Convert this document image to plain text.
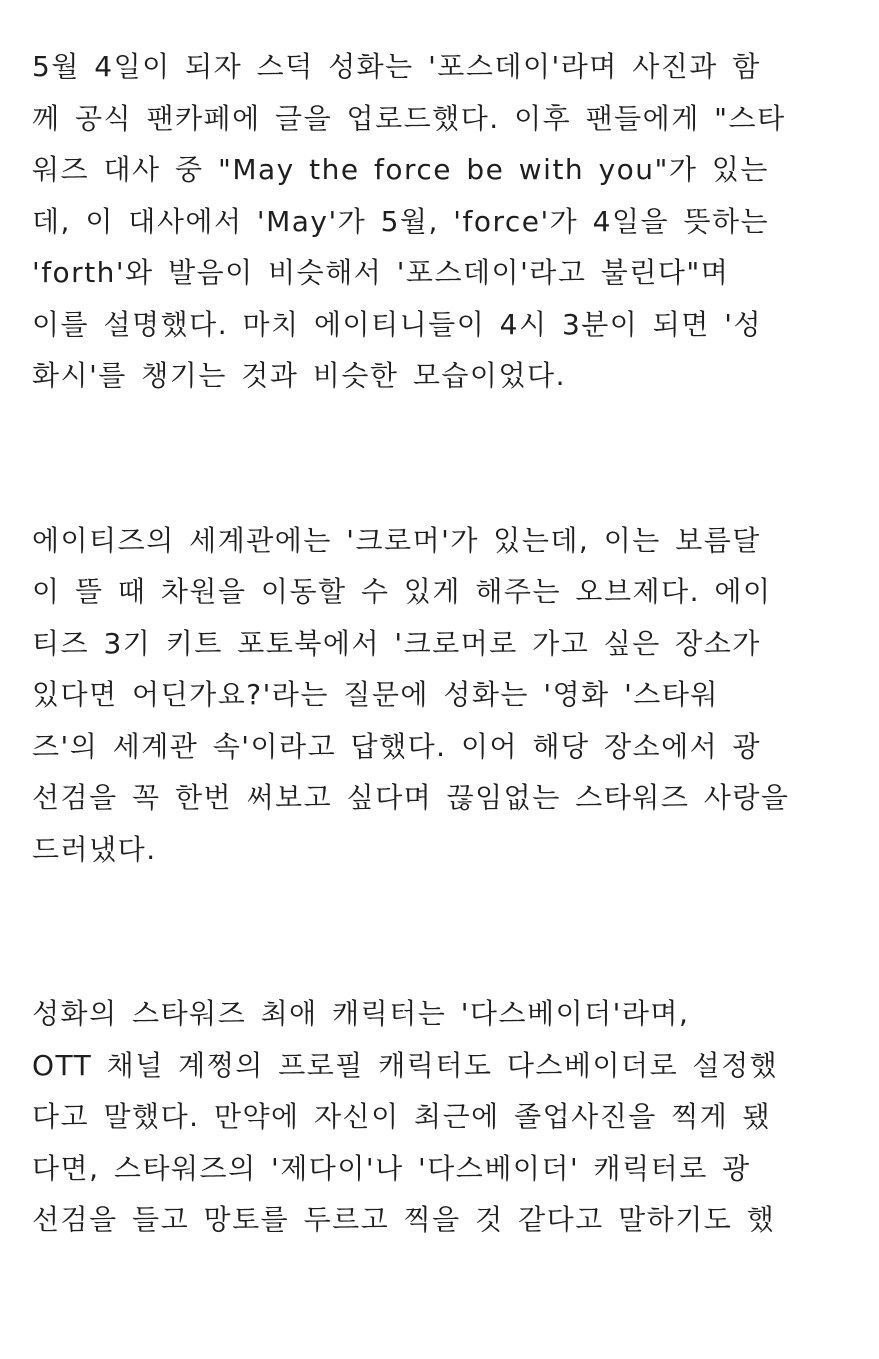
5월 4일이 되자 스덕 성화는 '포스데이'라며 사진과 함
께 공식 팬카페에 글을 업로드했다. 이후 팬들에게 "스타
워즈 대사 중 "May the force be with you"가 있는
데, 이 대사에서 'May'가 5월, 'force'가 4일을 뜻하는
'forth'와 발음이 비슷해서 '포스데이'라고 불린다"며
이를 설명했다. 마치 에이티니들이 4시 3분이 되면 '성
화시'를 챙기는 것과 비슷한 모습이었다.
에이티즈의 세계관에는 '크로머'가 있는데, 이는 보름달
이 뜰 때 차원을 이동할 수 있게 해주는 오브제다. 에이
티즈 3기 키트 포토북에서 '크로머로 가고 싶은 장소가
있다면 어딘가요?'라는 질문에 성화는 '영화 '스타워
즈'의 세계관 속'이라고 답했다. 이어 해당 장소에서 광
선검을 꼭 한번 써보고 싶다며 끊임없는 스타워즈 사랑을
드러냈다.
성화의 스타워즈 최애 캐릭터는 '다스베이더'라며,
OTT 채널 계쩡의 프로필 캐릭터도 다스베이더로 설정했
다고 말했다. 만약에 자신이 최근에 졸업사진을 찍게 됐
다면, 스타워즈의 '제다이'나 '다스베이더' 캐릭터로 광
선검을 들고 망토를 두르고 찍을 것 같다고 말하기도 했
